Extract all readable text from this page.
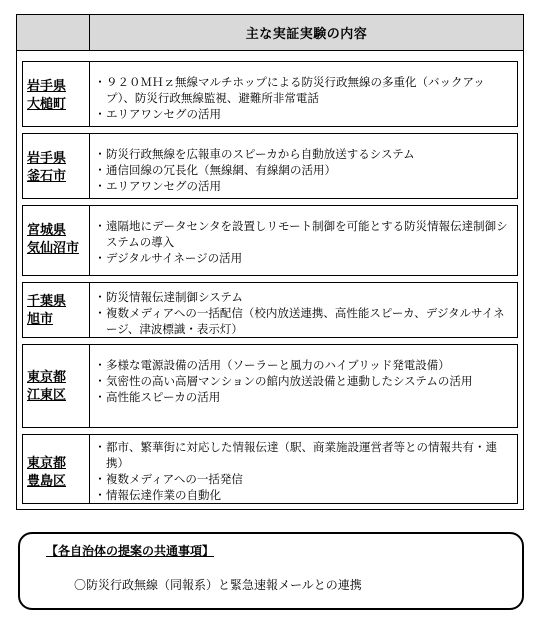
主な実証実験の内容
岩手県
大槌町
・ ９２０ＭＨｚ無線マルチホップによる防災行政無線の多重化（バックアップ）、防災行政無線監視、避難所非常電話
・ エリアワンセグの活用
岩手県
釜石市
・ 防災行政無線を広報車のスピーカから自動放送するシステム
・ 通信回線の冗長化（無線網、有線網の活用）
・ エリアワンセグの活用
宮城県
気仙沼市
・ 遠隔地にデータセンタを設置しリモート制御を可能とする防災情報伝達制御システムの導入
・ デジタルサイネージの活用
千葉県
旭市
・ 防災情報伝達制御システム
・ 複数メディアへの一括配信（校内放送連携、高性能スピーカ、デジタルサイネージ、津波標識・表示灯）
東京都
江東区
・ 多様な電源設備の活用（ソーラーと風力のハイブリッド発電設備）
・ 気密性の高い高層マンションの館内放送設備と連動したシステムの活用
・ 高性能スピーカの活用
東京都
豊島区
・ 都市、繁華街に対応した情報伝達（駅、商業施設運営者等との情報共有・連携）
・ 複数メディアへの一括発信
・ 情報伝達作業の自動化
【各自治体の提案の共通事項】
〇防災行政無線（同報系）と緊急速報メールとの連携
